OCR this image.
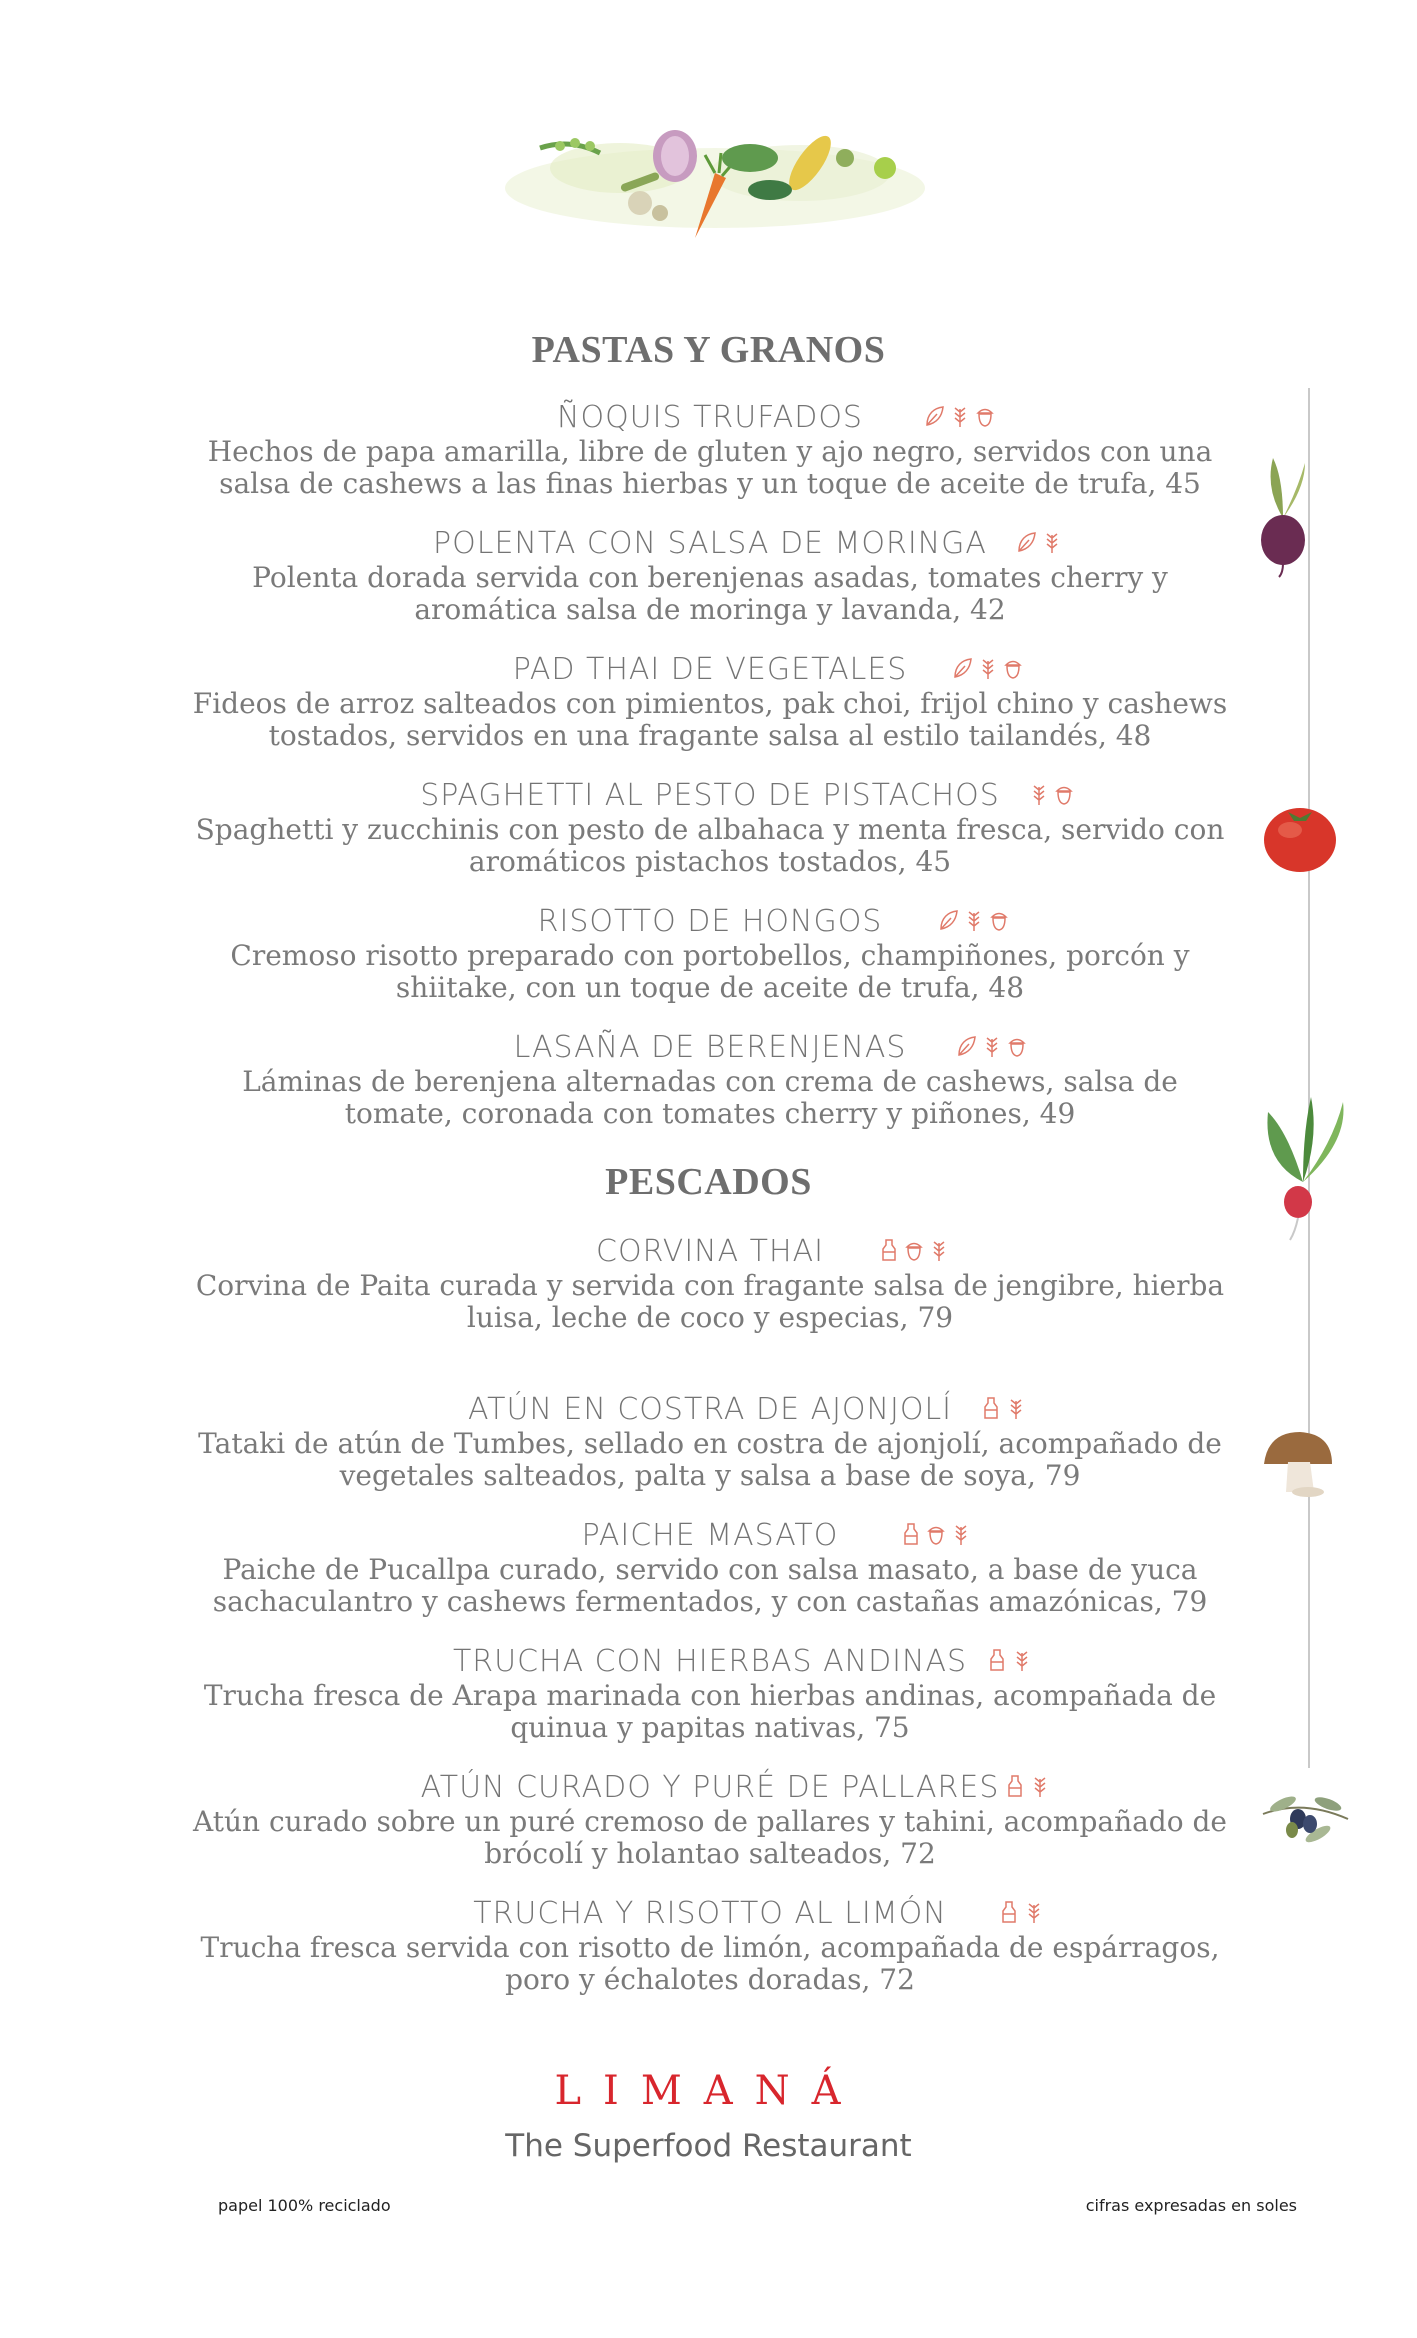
PASTAS Y GRANOS
ÑOQUIS TRUFADOS

Hechos de papa amarilla, libre de gluten y ajo negro, servidos con una salsa de cashews a las finas hierbas y un toque de aceite de trufa, 45

POLENTA CON SALSA DE MORINGA

Polenta dorada servida con berenjenas asadas, tomates cherry y aromática salsa de moringa y lavanda, 42

PAD THAI DE VEGETALES

Fideos de arroz salteados con pimientos, pak choi, frijol chino y cashews tostados, servidos en una fragante salsa al estilo tailandés, 48

SPAGHETTI AL PESTO DE PISTACHOS

Spaghetti y zucchinis con pesto de albahaca y menta fresca, servido con aromáticos pistachos tostados, 45

RISOTTO DE HONGOS

Cremoso risotto preparado con portobellos, champiñones, porcón y shiitake, con un toque de aceite de trufa, 48

LASAÑA DE BERENJENAS

Láminas de berenjena alternadas con crema de cashews, salsa de tomate, coronada con tomates cherry y piñones, 49

PESCADOS
CORVINA THAI

Corvina de Paita curada y servida con fragante salsa de jengibre, hierba luisa, leche de coco y especias, 79

ATÚN EN COSTRA DE AJONJOLÍ

Tataki de atún de Tumbes, sellado en costra de ajonjolí, acompañado de vegetales salteados, palta y salsa a base de soya, 79

PAICHE MASATO

Paiche de Pucallpa curado, servido con salsa masato, a base de yuca sachaculantro y cashews fermentados, y con castañas amazónicas, 79

TRUCHA CON HIERBAS ANDINAS

Trucha fresca de Arapa marinada con hierbas andinas, acompañada de quinua y papitas nativas, 75

ATÚN CURADO Y PURÉ DE PALLARES

Atún curado sobre un puré cremoso de pallares y tahini, acompañado de brócolí y holantao salteados, 72

TRUCHA Y RISOTTO AL LIMÓN

Trucha fresca servida con risotto de limón, acompañada de espárragos, poro y échalotes doradas, 72

LIMANÁ
The Superfood Restaurant
papel 100% reciclado	cifras expresadas en soles
